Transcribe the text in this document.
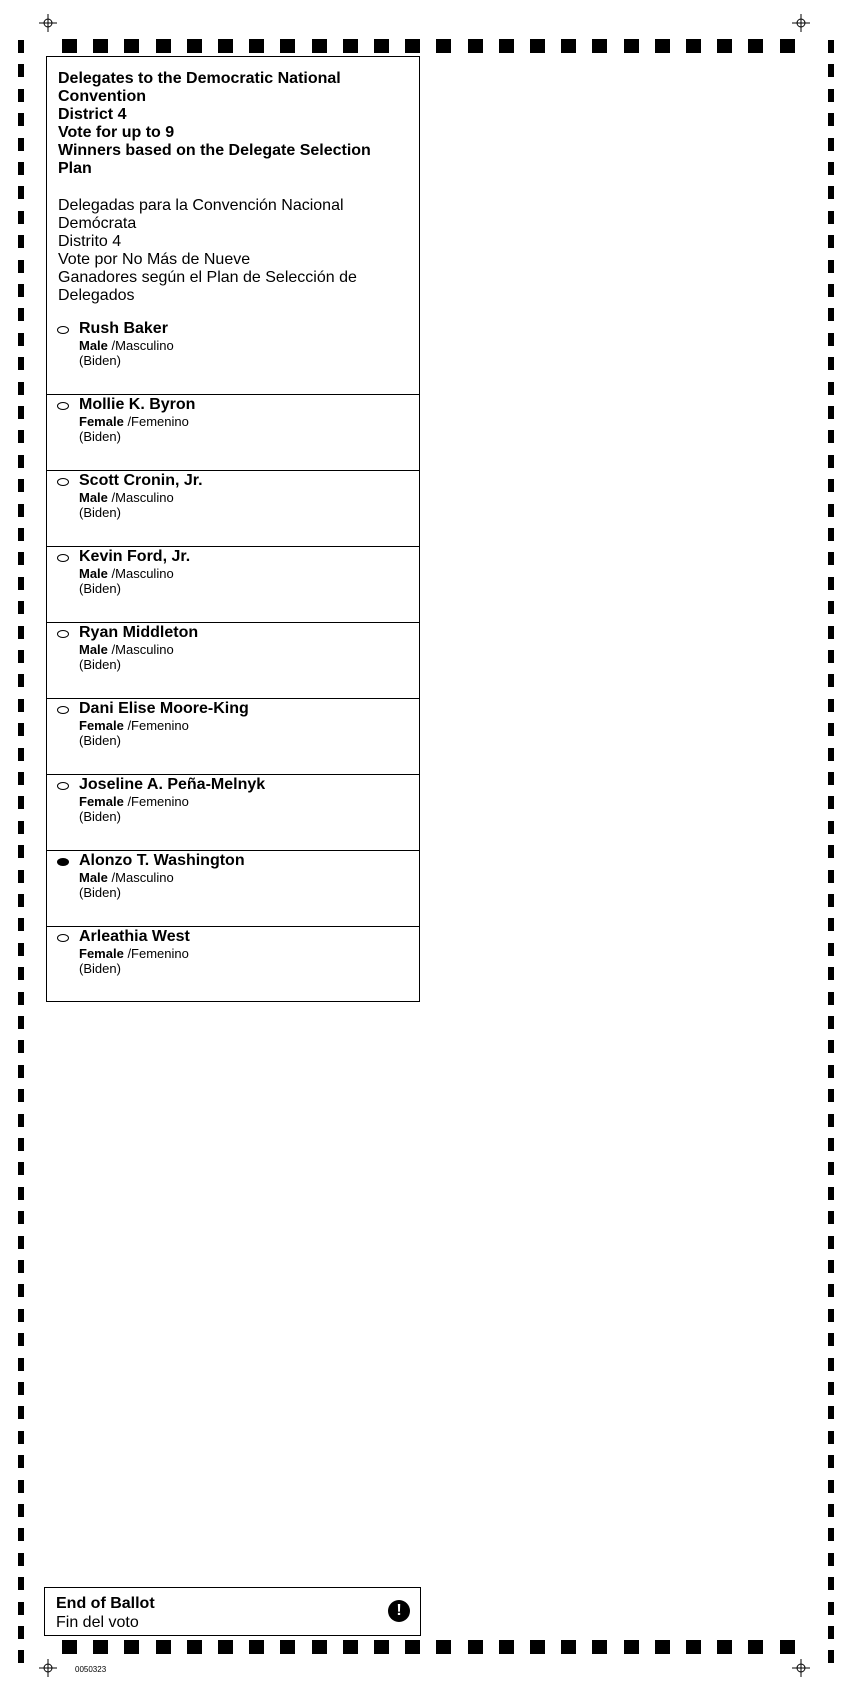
Delegates to the Democratic National
Convention
District 4
Vote for up to 9
Winners based on the Delegate Selection
Plan
Delegadas para la Convención Nacional
Demócrata
Distrito 4
Vote por No Más de Nueve
Ganadores según el Plan de Selección de
Delegados
Rush Baker
Male /Masculino
(Biden)
Mollie K. Byron
Female /Femenino
(Biden)
Scott Cronin, Jr.
Male /Masculino
(Biden)
Kevin Ford, Jr.
Male /Masculino
(Biden)
Ryan Middleton
Male /Masculino
(Biden)
Dani Elise Moore-King
Female /Femenino
(Biden)
Joseline A. Peña-Melnyk
Female /Femenino
(Biden)
Alonzo T. Washington
Male /Masculino
(Biden)
Arleathia West
Female /Femenino
(Biden)
End of Ballot
Fin del voto
!
0050323
